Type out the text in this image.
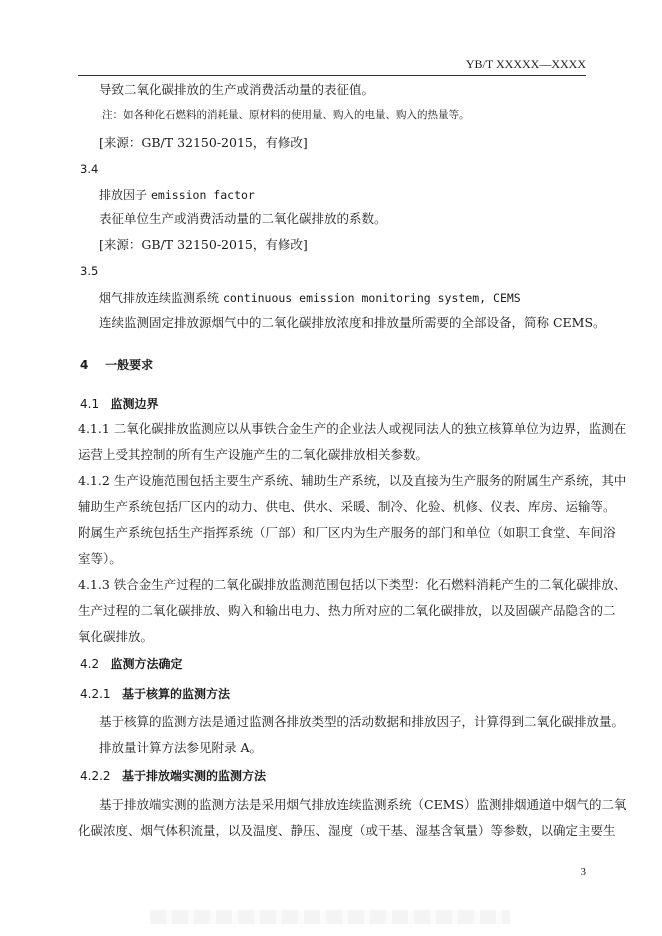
YB/T XXXXX—XXXX
导致二氧化碳排放的生产或消费活动量的表征值。
注：如各种化石燃料的消耗量、原材料的使用量、购入的电量、购入的热量等。
[来源：GB/T 32150-2015，有修改]
3.4
排放因子 emission factor
表征单位生产或消费活动量的二氧化碳排放的系数。
[来源：GB/T 32150-2015，有修改]
3.5
烟气排放连续监测系统 continuous emission monitoring system, CEMS
连续监测固定排放源烟气中的二氧化碳排放浓度和排放量所需要的全部设备，简称 CEMS。
4 一般要求
4.1 监测边界
4.1.1 二氧化碳排放监测应以从事铁合金生产的企业法人或视同法人的独立核算单位为边界，监测在
运营上受其控制的所有生产设施产生的二氧化碳排放相关参数。
4.1.2 生产设施范围包括主要生产系统、辅助生产系统，以及直接为生产服务的附属生产系统，其中
辅助生产系统包括厂区内的动力、供电、供水、采暖、制冷、化验、机修、仪表、库房、运输等。
附属生产系统包括生产指挥系统（厂部）和厂区内为生产服务的部门和单位（如职工食堂、车间浴
室等）。
4.1.3 铁合金生产过程的二氧化碳排放监测范围包括以下类型：化石燃料消耗产生的二氧化碳排放、
生产过程的二氧化碳排放、购入和输出电力、热力所对应的二氧化碳排放，以及固碳产品隐含的二
氧化碳排放。
4.2 监测方法确定
4.2.1 基于核算的监测方法
基于核算的监测方法是通过监测各排放类型的活动数据和排放因子，计算得到二氧化碳排放量。
排放量计算方法参见附录 A。
4.2.2 基于排放端实测的监测方法
基于排放端实测的监测方法是采用烟气排放连续监测系统（CEMS）监测排烟通道中烟气的二氧
化碳浓度、烟气体积流量，以及温度、静压、湿度（或干基、湿基含氧量）等参数，以确定主要生
3
